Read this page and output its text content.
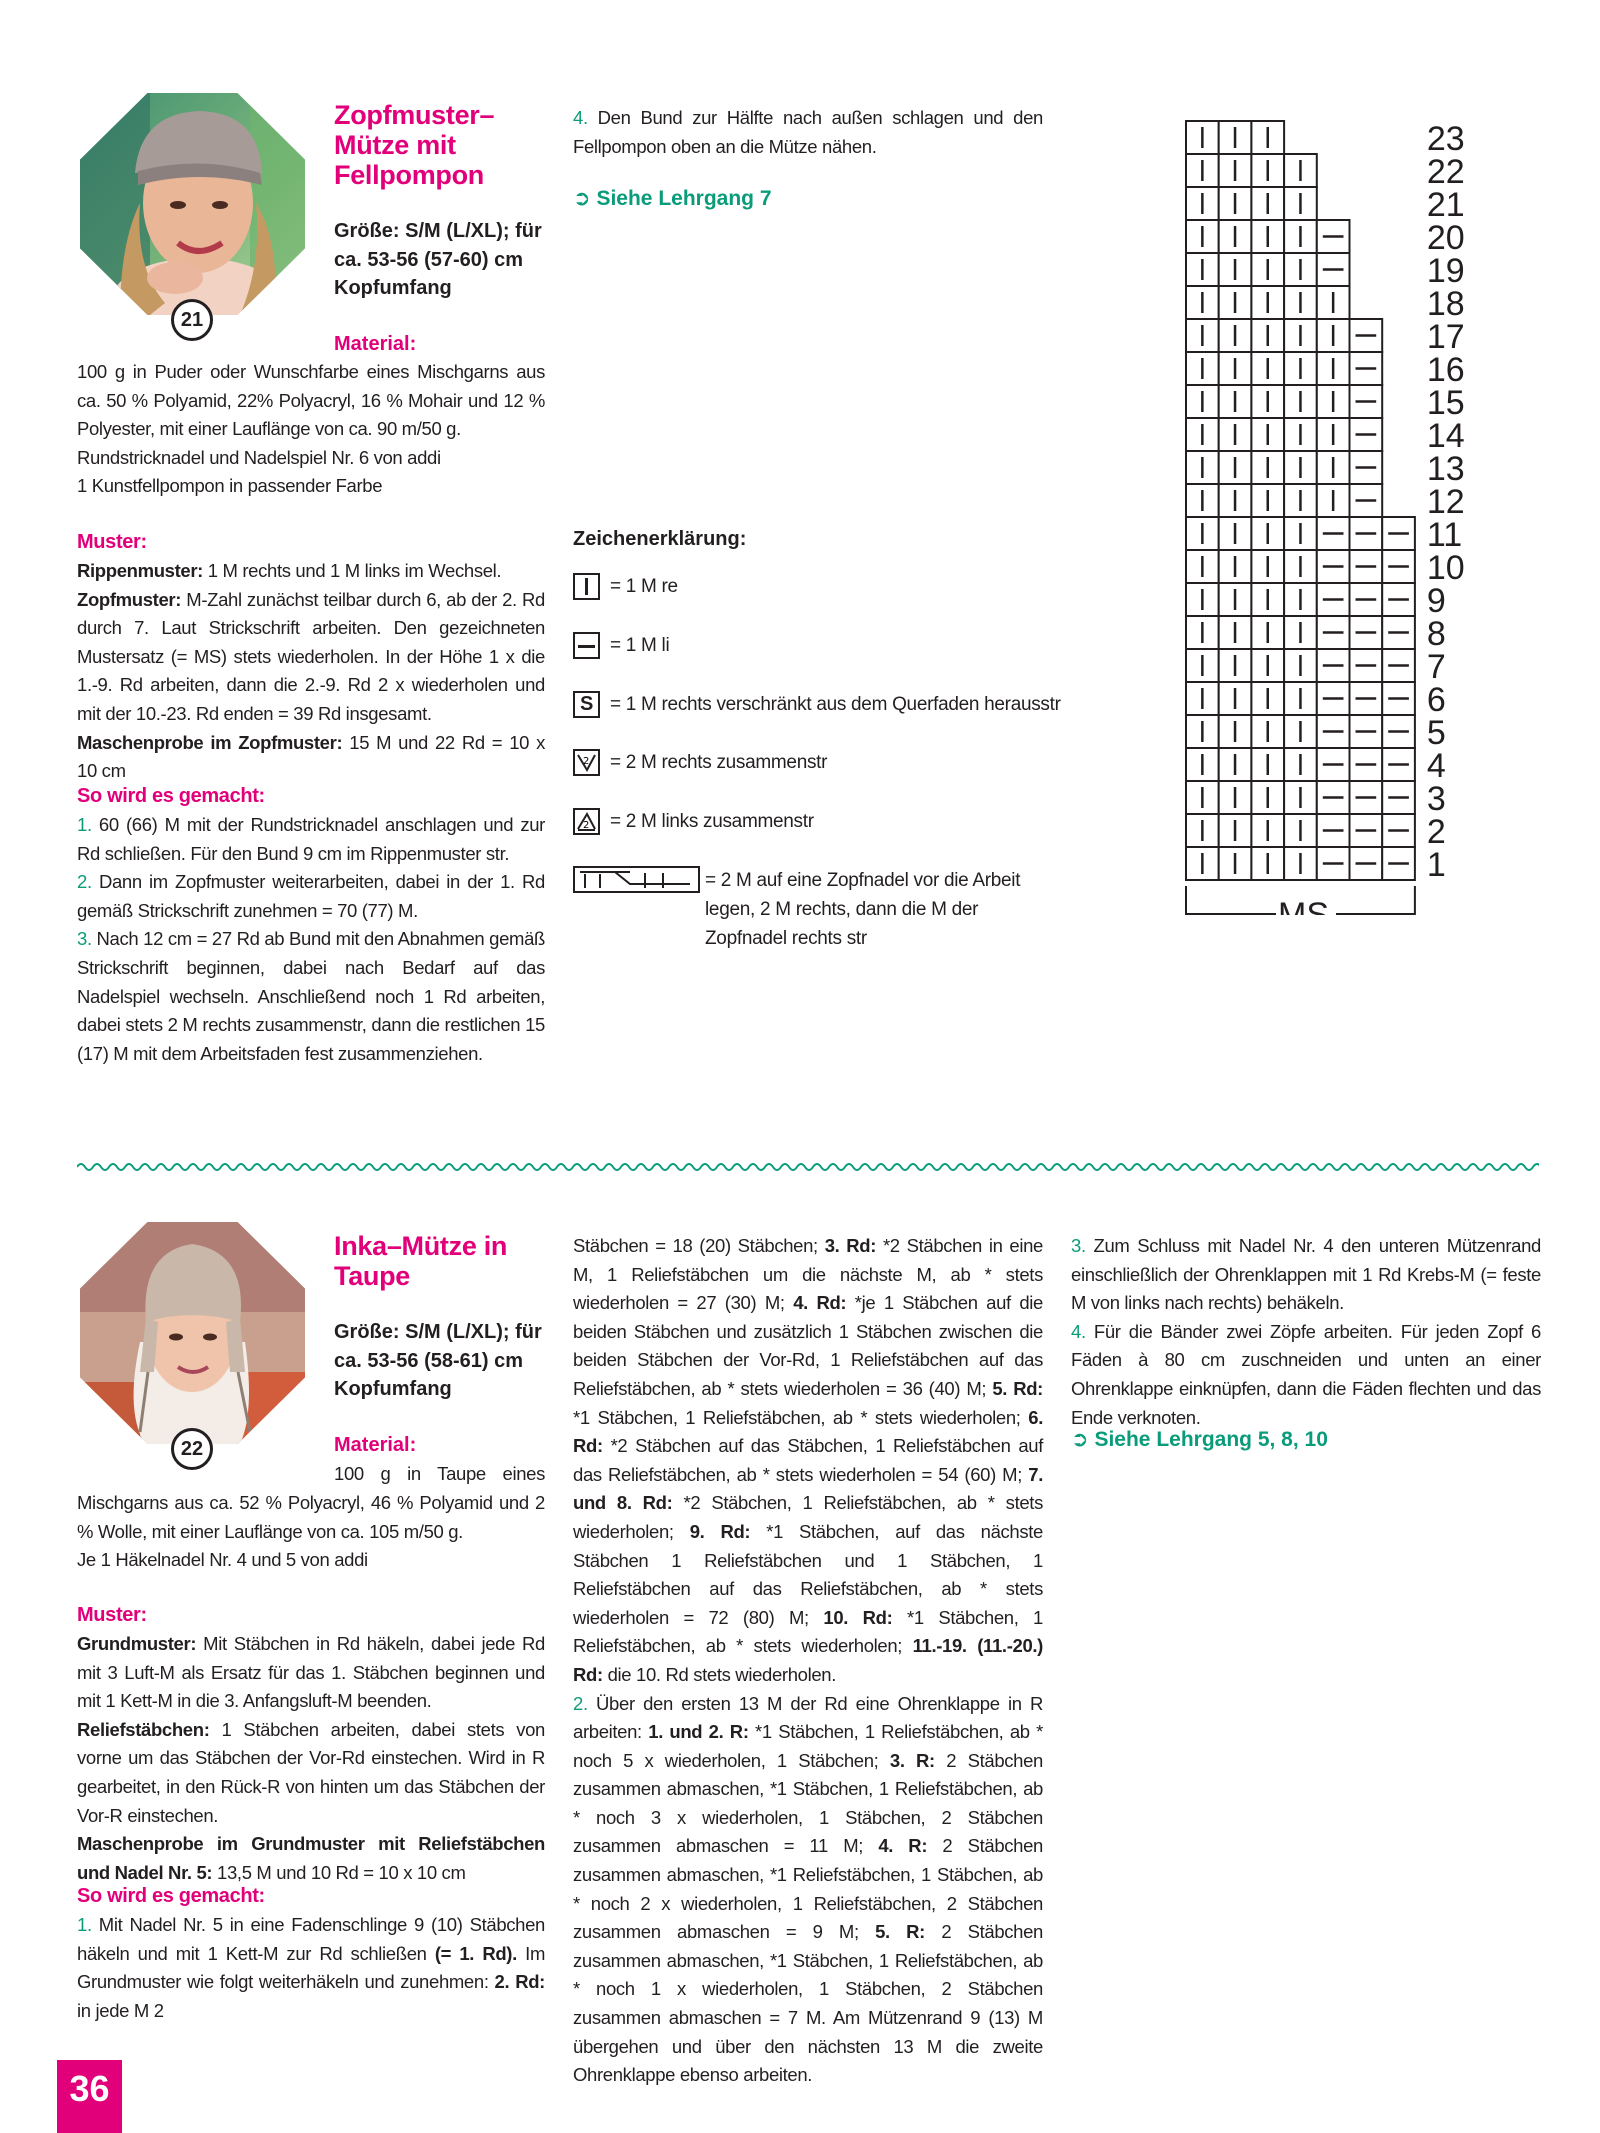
21
Zopfmuster–
Mütze mit
Fellpompon
Größe: S/M (L/XL); für
ca. 53-56 (57-60) cm
Kopfumfang
Material:

100 g in Puder oder Wunschfarbe eines Mischgarns aus ca. 50 % Polyamid, 22% Polyacryl, 16 % Mohair und 12 % Polyester, mit einer Lauflänge von ca. 90 m/50 g.

Rundstricknadel und Nadelspiel Nr. 6 von addi

1 Kunstfellpompon in passender Farbe

Muster:

Rippenmuster: 1 M rechts und 1 M links im Wechsel.

Zopfmuster: M-Zahl zunächst teilbar durch 6, ab der 2. Rd durch 7. Laut Strickschrift arbeiten. Den gezeichneten Mustersatz (= MS) stets wiederholen. In der Höhe 1 x die 1.-9. Rd arbeiten, dann die 2.-9. Rd 2 x wiederholen und mit der 10.-23. Rd enden = 39 Rd insgesamt.

Maschenprobe im Zopfmuster: 15 M und 22 Rd = 10 x 10 cm

So wird es gemacht:

1. 60 (66) M mit der Rundstricknadel anschlagen und zur Rd schließen. Für den Bund 9 cm im Rippenmuster str.

2. Dann im Zopfmuster weiterarbeiten, dabei in der 1. Rd gemäß Strickschrift zunehmen = 70 (77) M.

3. Nach 12 cm = 27 Rd ab Bund mit den Abnahmen gemäß Strickschrift beginnen, dabei nach Bedarf auf das Nadelspiel wechseln. Anschließend noch 1 Rd arbeiten, dabei stets 2 M rechts zusammenstr, dann die restlichen 15 (17) M mit dem Arbeitsfaden fest zusammenziehen.

4. Den Bund zur Hälfte nach außen schlagen und den Fellpompon oben an die Mütze nähen.

➲ Siehe Lehrgang 7
Zeichenerklärung:
= 1 M re
= 1 M li
S = 1 M rechts verschränkt aus dem Querfaden herausstr
2 = 2 M rechts zusammenstr
2 = 2 M links zusammenstr
= 2 M auf eine Zopfnadel vor die Arbeit
legen, 2 M rechts, dann die M der
Zopfnadel rechts str
23
22
21
20
19
18
17
16
15
14
13
12
11
10
9
8
7
6
5
4
3
2
1
MS
22
Inka–Mütze in
Taupe
Größe: S/M (L/XL); für
ca. 53-56 (58-61) cm
Kopfumfang
Material:
100 g in Taupe eines

Mischgarns aus ca. 52 % Polyacryl, 46 % Polyamid und 2 % Wolle, mit einer Lauflänge von ca. 105 m/50 g.

Je 1 Häkelnadel Nr. 4 und 5 von addi

Muster:

Grundmuster: Mit Stäbchen in Rd häkeln, dabei jede Rd mit 3 Luft-M als Ersatz für das 1. Stäbchen beginnen und mit 1 Kett-M in die 3. Anfangsluft-M beenden.

Reliefstäbchen: 1 Stäbchen arbeiten, dabei stets von vorne um das Stäbchen der Vor-Rd einstechen. Wird in R gearbeitet, in den Rück-R von hinten um das Stäbchen der Vor-R einstechen.

Maschenprobe im Grundmuster mit Reliefstäbchen und Nadel Nr. 5: 13,5 M und 10 Rd = 10 x 10 cm

So wird es gemacht:

1. Mit Nadel Nr. 5 in eine Fadenschlinge 9 (10) Stäbchen häkeln und mit 1 Kett-M zur Rd schließen (= 1. Rd). Im Grundmuster wie folgt weiterhäkeln und zunehmen: 2. Rd: in jede M 2

Stäbchen = 18 (20) Stäbchen; 3. Rd: *2 Stäbchen in eine M, 1 Reliefstäbchen um die nächste M, ab * stets wiederholen = 27 (30) M; 4. Rd: *je 1 Stäbchen auf die beiden Stäbchen und zusätzlich 1 Stäbchen zwischen die beiden Stäbchen der Vor-Rd, 1 Reliefstäbchen auf das Reliefstäbchen, ab * stets wiederholen = 36 (40) M; 5. Rd: *1 Stäbchen, 1 Reliefstäbchen, ab * stets wiederholen; 6. Rd: *2 Stäbchen auf das Stäbchen, 1 Reliefstäbchen auf das Reliefstäbchen, ab * stets wiederholen = 54 (60) M; 7. und 8. Rd: *2 Stäbchen, 1 Reliefstäbchen, ab * stets wiederholen; 9. Rd: *1 Stäbchen, auf das nächste Stäbchen 1 Reliefstäbchen und 1 Stäbchen, 1 Reliefstäbchen auf das Reliefstäbchen, ab * stets wiederholen = 72 (80) M; 10. Rd: *1 Stäbchen, 1 Reliefstäbchen, ab * stets wiederholen; 11.-19. (11.-20.) Rd: die 10. Rd stets wiederholen.

2. Über den ersten 13 M der Rd eine Ohrenklappe in R arbeiten: 1. und 2. R: *1 Stäbchen, 1 Reliefstäbchen, ab * noch 5 x wiederholen, 1 Stäbchen; 3. R: 2 Stäbchen zusammen abmaschen, *1 Stäbchen, 1 Reliefstäbchen, ab * noch 3 x wiederholen, 1 Stäbchen, 2 Stäbchen zusammen abmaschen = 11 M; 4. R: 2 Stäbchen zusammen abmaschen, *1 Reliefstäbchen, 1 Stäbchen, ab * noch 2 x wiederholen, 1 Reliefstäbchen, 2 Stäbchen zusammen abmaschen = 9 M; 5. R: 2 Stäbchen zusammen abmaschen, *1 Stäbchen, 1 Reliefstäbchen, ab * noch 1 x wiederholen, 1 Stäbchen, 2 Stäbchen zusammen abmaschen = 7 M. Am Mützenrand 9 (13) M übergehen und über den nächsten 13 M die zweite Ohrenklappe ebenso arbeiten.

3. Zum Schluss mit Nadel Nr. 4 den unteren Mützenrand einschließlich der Ohrenklappen mit 1 Rd Krebs-M (= feste M von links nach rechts) behäkeln.

4. Für die Bänder zwei Zöpfe arbeiten. Für jeden Zopf 6 Fäden à 80 cm zuschneiden und unten an einer Ohrenklappe einknüpfen, dann die Fäden flechten und das Ende verknoten.

➲ Siehe Lehrgang 5, 8, 10
36
